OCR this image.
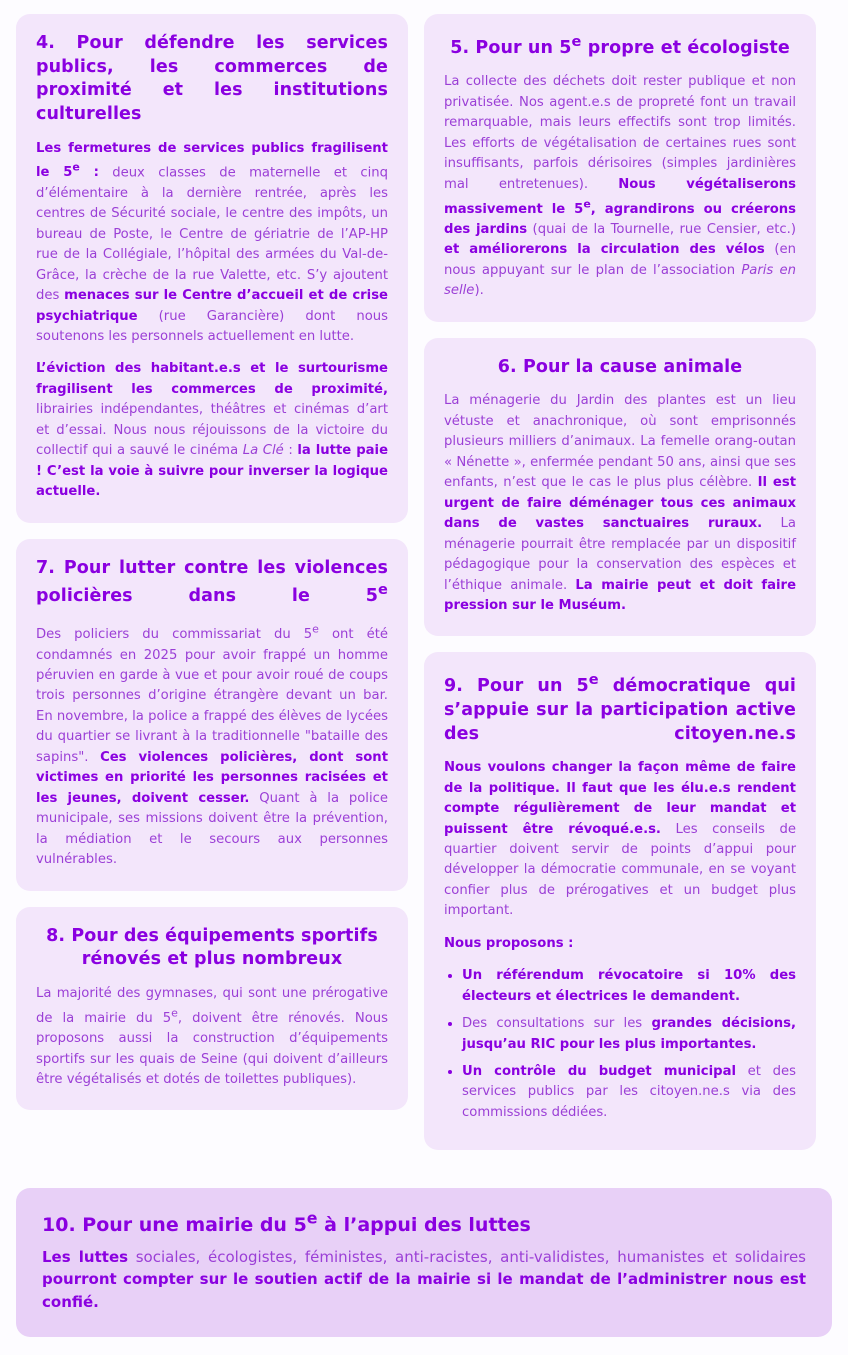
4. Pour défendre les services publics, les commerces de proximité et les institutions culturelles

Les fermetures de services publics fragilisent le 5e : deux classes de maternelle et cinq d’élémentaire à la dernière rentrée, après les centres de Sécurité sociale, le centre des impôts, un bureau de Poste, le Centre de gériatrie de l’AP-HP rue de la Collégiale, l’hôpital des armées du Val-de-Grâce, la crèche de la rue Valette, etc. S’y ajoutent des menaces sur le Centre d’accueil et de crise psychiatrique (rue Garancière) dont nous soutenons les personnels actuellement en lutte.

L’éviction des habitant.e.s et le surtourisme fragilisent les commerces de proximité, librairies indépendantes, théâtres et cinémas d’art et d’essai. Nous nous réjouissons de la victoire du collectif qui a sauvé le cinéma La Clé : la lutte paie ! C’est la voie à suivre pour inverser la logique actuelle.

7. Pour lutter contre les violences policières dans le 5e

Des policiers du commissariat du 5e ont été condamnés en 2025 pour avoir frappé un homme péruvien en garde à vue et pour avoir roué de coups trois personnes d’origine étrangère devant un bar. En novembre, la police a frappé des élèves de lycées du quartier se livrant à la traditionnelle "bataille des sapins". Ces violences policières, dont sont victimes en priorité les personnes racisées et les jeunes, doivent cesser. Quant à la police municipale, ses missions doivent être la prévention, la médiation et le secours aux personnes vulnérables.

8. Pour des équipements sportifs rénovés et plus nombreux

La majorité des gymnases, qui sont une prérogative de la mairie du 5e, doivent être rénovés. Nous proposons aussi la construction d’équipements sportifs sur les quais de Seine (qui doivent d’ailleurs être végétalisés et dotés de toilettes publiques).

5. Pour un 5e propre et écologiste

La collecte des déchets doit rester publique et non privatisée. Nos agent.e.s de propreté font un travail remarquable, mais leurs effectifs sont trop limités. Les efforts de végétalisation de certaines rues sont insuffisants, parfois dérisoires (simples jardinières mal entretenues). Nous végétaliserons massivement le 5e, agrandirons ou créerons des jardins (quai de la Tournelle, rue Censier, etc.) et améliorerons la circulation des vélos (en nous appuyant sur le plan de l’association Paris en selle).

6. Pour la cause animale

La ménagerie du Jardin des plantes est un lieu vétuste et anachronique, où sont emprisonnés plusieurs milliers d’animaux. La femelle orang-outan « Nénette », enfermée pendant 50 ans, ainsi que ses enfants, n’est que le cas le plus plus célèbre. Il est urgent de faire déménager tous ces animaux dans de vastes sanctuaires ruraux. La ménagerie pourrait être remplacée par un dispositif pédagogique pour la conservation des espèces et l’éthique animale. La mairie peut et doit faire pression sur le Muséum.

9. Pour un 5e démocratique qui s’appuie sur la participation active des citoyen.ne.s

Nous voulons changer la façon même de faire de la politique. Il faut que les élu.e.s rendent compte régulièrement de leur mandat et puissent être révoqué.e.s. Les conseils de quartier doivent servir de points d’appui pour développer la démocratie communale, en se voyant confier plus de prérogatives et un budget plus important.

Nous proposons :

• Un référendum révocatoire si 10% des électeurs et électrices le demandent.
• Des consultations sur les grandes décisions, jusqu’au RIC pour les plus importantes.
• Un contrôle du budget municipal et des services publics par les citoyen.ne.s via des commissions dédiées.
10. Pour une mairie du 5e à l’appui des luttes

Les luttes sociales, écologistes, féministes, anti-racistes, anti-validistes, humanistes et solidaires pourront compter sur le soutien actif de la mairie si le mandat de l’administrer nous est confié.
